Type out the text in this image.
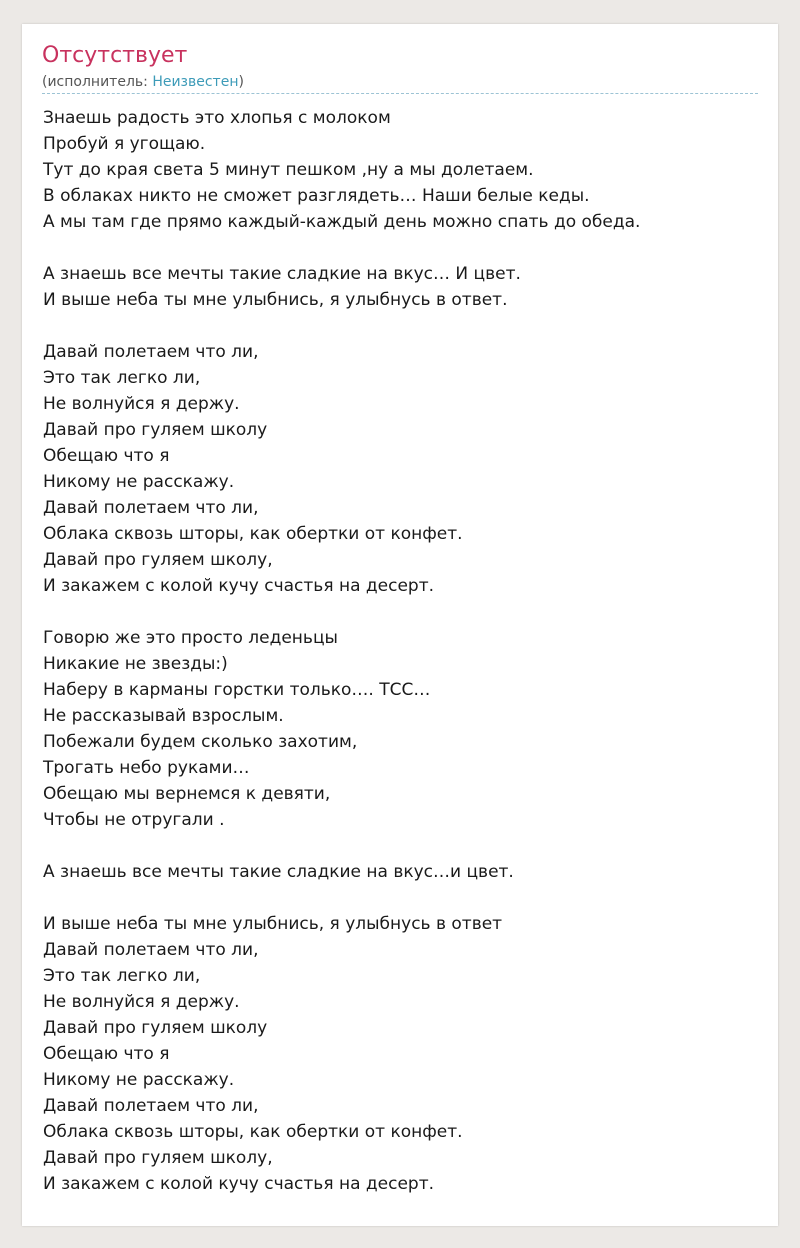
Отсутствует
(исполнитель: Неизвестен)
Знаешь радость это хлопья с молоком
Пробуй я угощаю.
Тут до края света 5 минут пешком ,ну а мы долетаем.
В облаках никто не сможет разглядеть… Наши белые кеды.
А мы там где прямо каждый-каждый день можно спать до обеда.
А знаешь все мечты такие сладкие на вкус… И цвет.
И выше неба ты мне улыбнись, я улыбнусь в ответ.
Давай полетаем что ли,
Это так легко ли,
Не волнуйся я держу.
Давай про гуляем школу
Обещаю что я
Никому не расскажу.
Давай полетаем что ли,
Облака сквозь шторы, как обертки от конфет.
Давай про гуляем школу,
И закажем с колой кучу счастья на десерт.
Говорю же это просто леденьцы
Никакие не звезды:)
Наберу в карманы горстки только…. ТСС…
Не рассказывай взрослым.
Побежали будем сколько захотим,
Трогать небо руками…
Обещаю мы вернемся к девяти,
Чтобы не отругали .
А знаешь все мечты такие сладкие на вкус…и цвет.
И выше неба ты мне улыбнись, я улыбнусь в ответ
Давай полетаем что ли,
Это так легко ли,
Не волнуйся я держу.
Давай про гуляем школу
Обещаю что я
Никому не расскажу.
Давай полетаем что ли,
Облака сквозь шторы, как обертки от конфет.
Давай про гуляем школу,
И закажем с колой кучу счастья на десерт.
